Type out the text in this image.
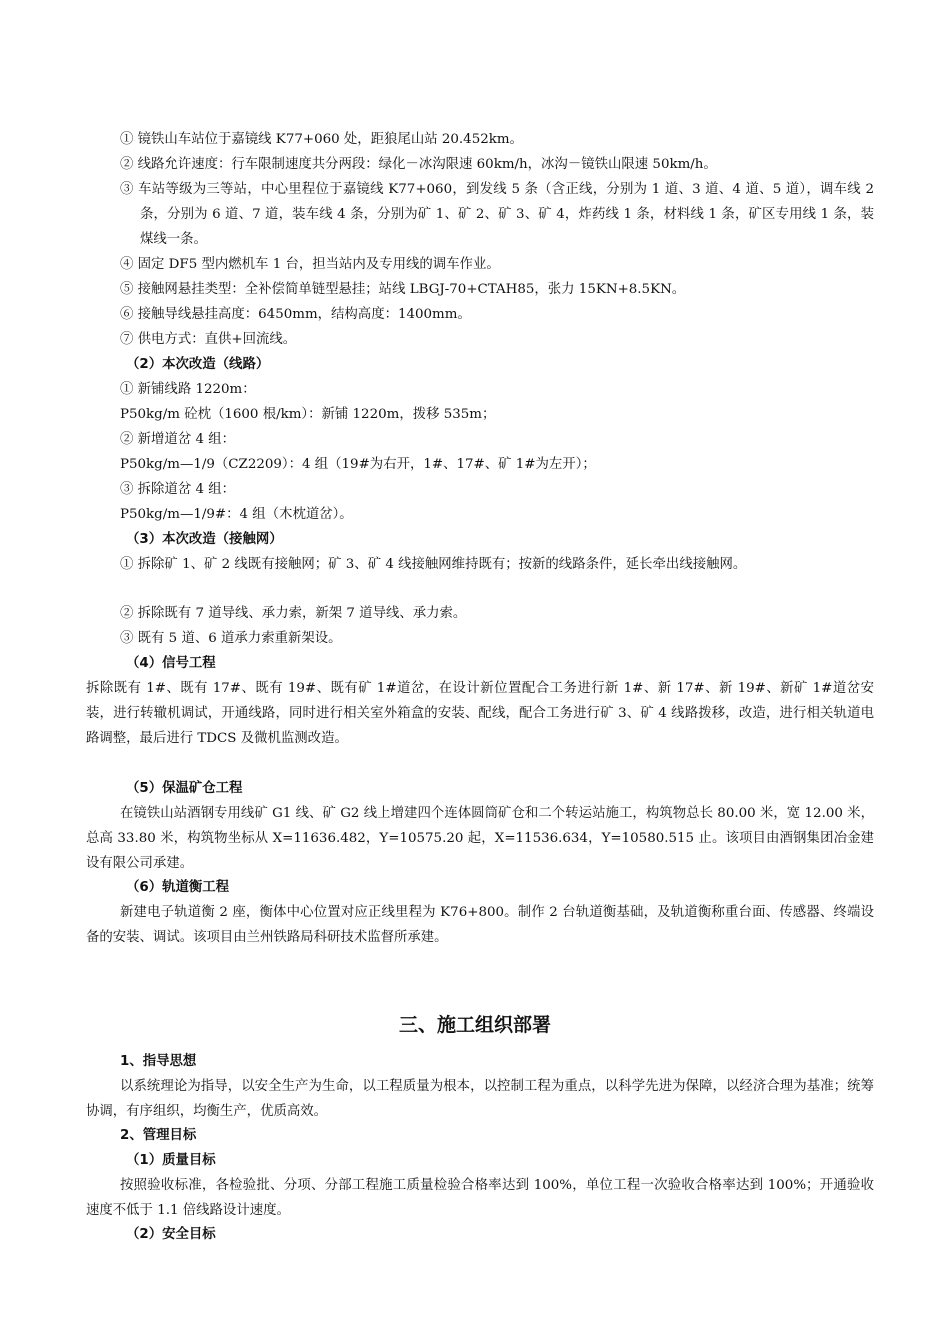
① 镜铁山车站位于嘉镜线 K77+060 处，距狼尾山站 20.452km。

② 线路允许速度：行车限制速度共分两段：绿化－冰沟限速 60km/h，冰沟－镜铁山限速 50km/h。

③ 车站等级为三等站，中心里程位于嘉镜线 K77+060，到发线 5 条（含正线，分别为 1 道、3 道、4 道、5 道），调车线 2 条，分别为 6 道、7 道，装车线 4 条，分别为矿 1、矿 2、矿 3、矿 4，炸药线 1 条，材料线 1 条，矿区专用线 1 条，装煤线一条。

④ 固定 DF5 型内燃机车 1 台，担当站内及专用线的调车作业。

⑤ 接触网悬挂类型：全补偿简单链型悬挂；站线 LBGJ-70+CTAH85，张力 15KN+8.5KN。

⑥ 接触导线悬挂高度：6450mm，结构高度：1400mm。

⑦ 供电方式：直供+回流线。

（2）本次改造（线路）

① 新铺线路 1220m：

P50kg/m 砼枕（1600 根/km）：新铺 1220m，拨移 535m；

② 新增道岔 4 组：

P50kg/m—1/9（CZ2209）：4 组（19#为右开，1#、17#、矿 1#为左开）；

③ 拆除道岔 4 组：

P50kg/m—1/9#：4 组（木枕道岔）。

（3）本次改造（接触网）

① 拆除矿 1、矿 2 线既有接触网；矿 3、矿 4 线接触网维持既有；按新的线路条件，延长牵出线接触网。

② 拆除既有 7 道导线、承力索，新架 7 道导线、承力索。

③ 既有 5 道、6 道承力索重新架设。

（4）信号工程

拆除既有 1#、既有 17#、既有 19#、既有矿 1#道岔，在设计新位置配合工务进行新 1#、新 17#、新 19#、新矿 1#道岔安装，进行转辙机调试，开通线路，同时进行相关室外箱盒的安装、配线，配合工务进行矿 3、矿 4 线路拨移，改造，进行相关轨道电路调整，最后进行 TDCS 及微机监测改造。

（5）保温矿仓工程

在镜铁山站酒钢专用线矿 G1 线、矿 G2 线上增建四个连体圆筒矿仓和二个转运站施工，构筑物总长 80.00 米，宽 12.00 米，总高 33.80 米，构筑物坐标从 X=11636.482，Y=10575.20 起，X=11536.634，Y=10580.515 止。该项目由酒钢集团冶金建设有限公司承建。

（6）轨道衡工程

新建电子轨道衡 2 座，衡体中心位置对应正线里程为 K76+800。制作 2 台轨道衡基础，及轨道衡称重台面、传感器、终端设备的安装、调试。该项目由兰州铁路局科研技术监督所承建。

三、施工组织部署

1、指导思想

以系统理论为指导，以安全生产为生命，以工程质量为根本，以控制工程为重点，以科学先进为保障，以经济合理为基准；统筹协调，有序组织，均衡生产，优质高效。

2、管理目标

（1）质量目标

按照验收标准，各检验批、分项、分部工程施工质量检验合格率达到 100%，单位工程一次验收合格率达到 100%；开通验收速度不低于 1.1 倍线路设计速度。

（2）安全目标
